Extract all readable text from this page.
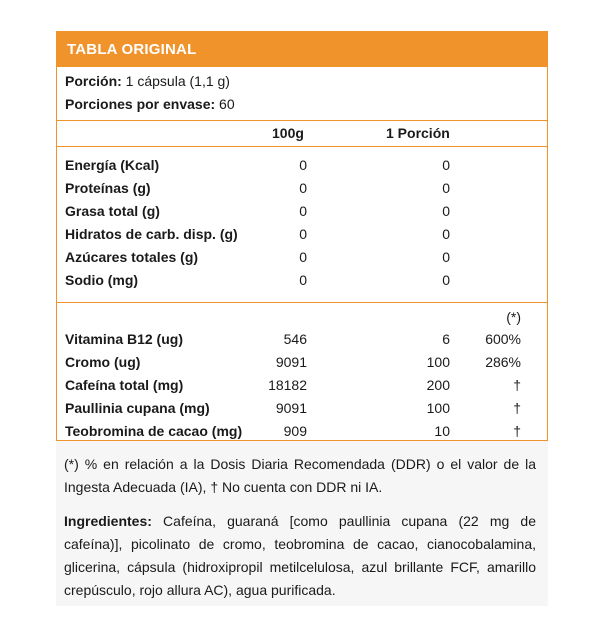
TABLA ORIGINAL
Porción: 1 cápsula (1,1 g)
Porciones por envase: 60
100g	1 Porción
Energía (Kcal)	0	0
Proteínas (g)	0	0
Grasa total (g)	0	0
Hidratos de carb. disp. (g)	0	0
Azúcares totales (g)	0	0
Sodio (mg)	0	0
(*)
Vitamina B12 (ug)	546	6	600%
Cromo (ug)	9091	100	286%
Cafeína total (mg)	18182	200	†
Paullinia cupana (mg)	9091	100	†
Teobromina de cacao (mg)	909	10	†
(*) % en relación a la Dosis Diaria Recomendada (DDR) o el valor de la Ingesta Adecuada (IA), † No cuenta con DDR ni IA.
Ingredientes: Cafeína, guaraná [como paullinia cupana (22 mg de cafeína)], picolinato de cromo, teobromina de cacao, cianocobalamina, glicerina, cápsula (hidroxipropil metilcelulosa, azul brillante FCF, amarillo crepúsculo, rojo allura AC), agua purificada.
